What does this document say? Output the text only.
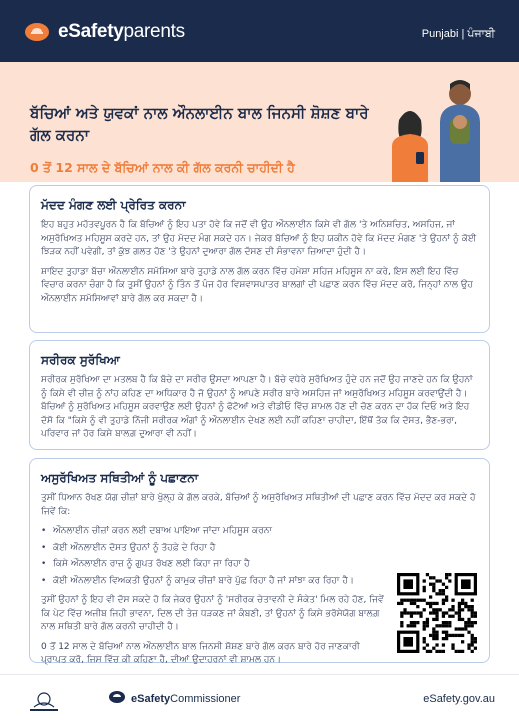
eSafetyparents	Punjabi | ਪੰਜਾਬੀ
ਬੱਚਿਆਂ ਅਤੇ ਯੁਵਕਾਂ ਨਾਲ ਔਨਲਾਈਨ ਬਾਲ ਜਿਨਸੀ ਸ਼ੋਸ਼ਣ ਬਾਰੇ ਗੱਲ ਕਰਨਾ
0 ਤੋਂ 12 ਸਾਲ ਦੇ ਬੱਚਿਆਂ ਨਾਲ ਕੀ ਗੱਲ ਕਰਨੀ ਚਾਹੀਦੀ ਹੈ
ਮੱਦਦ ਮੰਗਣ ਲਈ ਪ੍ਰੇਰਿਤ ਕਰਨਾ

ਇਹ ਬਹੁਤ ਮਹੱਤਵਪੂਰਨ ਹੈ ਕਿ ਬੱਚਿਆਂ ਨੂੰ ਇਹ ਪਤਾ ਹੋਵੇ ਕਿ ਜਦੋਂ ਵੀ ਉਹ ਔਨਲਾਈਨ ਕਿਸੇ ਵੀ ਗੱਲ 'ਤੇ ਅਨਿਸ਼ਚਿਤ, ਅਸਹਿਜ, ਜਾਂ ਅਸੁਰੱਖਿਅਤ ਮਹਿਸੂਸ ਕਰਦੇ ਹਨ, ਤਾਂ ਉਹ ਮੱਦਦ ਮੰਗ ਸਕਦੇ ਹਨ। ਜੇਕਰ ਬੱਚਿਆਂ ਨੂੰ ਇਹ ਯਕੀਨ ਹੋਵੇ ਕਿ ਮੱਦਦ ਮੰਗਣ 'ਤੇ ਉਹਨਾਂ ਨੂੰ ਕੋਈ ਝਿੜਕ ਨਹੀਂ ਪਵੇਗੀ, ਤਾਂ ਕੁੱਝ ਗਲਤ ਹੋਣ 'ਤੇ ਉਹਨਾਂ ਦੁਆਰਾ ਗੱਲ ਦੱਸਣ ਦੀ ਸੰਭਾਵਨਾ ਜ਼ਿਆਦਾ ਹੁੰਦੀ ਹੈ।

ਸ਼ਾਇਦ ਤੁਹਾਡਾ ਬੱਚਾ ਔਨਲਾਈਨ ਸਮੱਸਿਆ ਬਾਰੇ ਤੁਹਾਡੇ ਨਾਲ ਗੱਲ ਕਰਨ ਵਿੱਚ ਹਮੇਸ਼ਾ ਸਹਿਜ ਮਹਿਸੂਸ ਨਾ ਕਰੇ, ਇਸ ਲਈ ਇਹ ਵਿੱਚ ਵਿਚਾਰ ਕਰਨਾ ਚੰਗਾ ਹੈ ਕਿ ਤੁਸੀਂ ਉਹਨਾਂ ਨੂੰ ਤਿੰਨ ਤੋਂ ਪੰਜ ਹੋਰ ਵਿਸ਼ਵਾਸਪਾਤਰ ਬਾਲਗਾਂ ਦੀ ਪਛਾਣ ਕਰਨ ਵਿੱਚ ਮੱਦਦ ਕਰੋ, ਜਿਨ੍ਹਾਂ ਨਾਲ ਉਹ ਔਨਲਾਈਨ ਸਮੱਸਿਆਵਾਂ ਬਾਰੇ ਗੱਲ ਕਰ ਸਕਦਾ ਹੈ।

ਸਰੀਰਕ ਸੁਰੱਖਿਆ

ਸਰੀਰਕ ਸੁਰੱਖਿਆ ਦਾ ਮਤਲਬ ਹੈ ਕਿ ਬੱਚੇ ਦਾ ਸਰੀਰ ਉਸਦਾ ਆਪਣਾ ਹੈ। ਬੱਚੇ ਵਧੇਰੇ ਸੁਰੱਖਿਅਤ ਹੁੰਦੇ ਹਨ ਜਦੋਂ ਉਹ ਜਾਣਦੇ ਹਨ ਕਿ ਉਹਨਾਂ ਨੂੰ ਕਿਸੇ ਵੀ ਚੀਜ਼ ਨੂੰ ਨਾਂਹ ਕਹਿਣ ਦਾ ਅਧਿਕਾਰ ਹੈ ਜੋ ਉਹਨਾਂ ਨੂੰ ਆਪਣੇ ਸਰੀਰ ਬਾਰੇ ਅਸਹਿਜ ਜਾਂ ਅਸੁਰੱਖਿਅਤ ਮਹਿਸੂਸ ਕਰਵਾਉਂਦੀ ਹੈ। ਬੱਚਿਆਂ ਨੂੰ ਸੁਰੱਖਿਅਤ ਮਹਿਸੂਸ ਕਰਵਾਉਣ ਲਈ ਉਹਨਾਂ ਨੂੰ ਫੋਟੋਆਂ ਅਤੇ ਵੀਡੀਓ ਵਿੱਚ ਸ਼ਾਮਲ ਹੋਣ ਦੀ ਚੋਣ ਕਰਨ ਦਾ ਹੱਕ ਦਿਓ ਅਤੇ ਇਹ ਦੱਸੋ ਕਿ "ਕਿਸੇ ਨੂੰ ਵੀ ਤੁਹਾਡੇ ਨਿੱਜੀ ਸਰੀਰਕ ਅੰਗਾਂ ਨੂੰ ਔਨਲਾਈਨ ਦੇਖਣ ਲਈ ਨਹੀਂ ਕਹਿਣਾ ਚਾਹੀਦਾ, ਇੱਥੋਂ ਤੱਕ ਕਿ ਦੋਸਤ, ਭੈਣ-ਭਰਾ, ਪਰਿਵਾਰ ਜਾਂ ਹੋਰ ਕਿਸੇ ਬਾਲਗ਼ ਦੁਆਰਾ ਵੀ ਨਹੀਂ।

ਅਸੁਰੱਖਿਅਤ ਸਥਿਤੀਆਂ ਨੂੰ ਪਛਾਣਨਾ

ਤੁਸੀਂ ਧਿਆਨ ਰੱਖਣ ਯੋਗ ਚੀਜ਼ਾਂ ਬਾਰੇ ਖੁੱਲ੍ਹ ਕੇ ਗੱਲ ਕਰਕੇ, ਬੱਚਿਆਂ ਨੂੰ ਅਸੁਰੱਖਿਅਤ ਸਥਿਤੀਆਂ ਦੀ ਪਛਾਣ ਕਰਨ ਵਿੱਚ ਮੱਦਦ ਕਰ ਸਕਦੇ ਹੋ ਜਿਵੇਂ ਕਿ:

• ਔਨਲਾਈਨ ਚੀਜ਼ਾਂ ਕਰਨ ਲਈ ਦਬਾਅ ਪਾਇਆ ਜਾਂਦਾ ਮਹਿਸੂਸ ਕਰਨਾ
• ਕੋਈ ਔਨਲਾਈਨ ਦੋਸਤ ਉਹਨਾਂ ਨੂੰ ਤੋਹਫ਼ੇ ਦੇ ਰਿਹਾ ਹੈ
• ਕਿਸੇ ਔਨਲਾਈਨ ਰਾਜ਼ ਨੂੰ ਗੁਪਤ ਰੱਖਣ ਲਈ ਕਿਹਾ ਜਾ ਰਿਹਾ ਹੈ
• ਕੋਈ ਔਨਲਾਈਨ ਵਿਅਕਤੀ ਉਹਨਾਂ ਨੂੰ ਕਾਮੁਕ ਚੀਜ਼ਾਂ ਬਾਰੇ ਪੁੱਛ ਰਿਹਾ ਹੈ ਜਾਂ ਸਾਂਝਾ ਕਰ ਰਿਹਾ ਹੈ।

ਤੁਸੀਂ ਉਹਨਾਂ ਨੂੰ ਇਹ ਵੀ ਦੱਸ ਸਕਦੇ ਹੋ ਕਿ ਜੇਕਰ ਉਹਨਾਂ ਨੂੰ 'ਸਰੀਰਕ ਚੇਤਾਵਨੀ ਦੇ ਸੰਕੇਤ' ਮਿਲ ਰਹੇ ਹੋਣ, ਜਿਵੇਂ ਕਿ ਪੇਟ ਵਿੱਚ ਅਜੀਬ ਜਿਹੀ ਭਾਵਨਾ, ਦਿਲ ਦੀ ਤੇਜ਼ ਧੜਕਣ ਜਾਂ ਕੰਬਣੀ, ਤਾਂ ਉਹਨਾਂ ਨੂੰ ਕਿਸੇ ਭਰੋਸੇਯੋਗ ਬਾਲਗ਼ ਨਾਲ ਸਥਿਤੀ ਬਾਰੇ ਗੱਲ ਕਰਨੀ ਚਾਹੀਦੀ ਹੈ।

0 ਤੋਂ 12 ਸਾਲ ਦੇ ਬੱਚਿਆਂ ਨਾਲ ਔਨਲਾਈਨ ਬਾਲ ਜਿਨਸੀ ਸ਼ੋਸ਼ਣ ਬਾਰੇ ਗੱਲ ਕਰਨ ਬਾਰੇ ਹੋਰ ਜਾਣਕਾਰੀ ਪ੍ਰਾਪਤ ਕਰੋ, ਜਿਸ ਵਿੱਚ ਕੀ ਕਹਿਣਾ ਹੈ, ਦੀਆਂ ਉਦਾਹਰਨਾਂ ਵੀ ਸ਼ਾਮਲ ਹਨ।

eSafetyCommissioner	eSafety.gov.au
